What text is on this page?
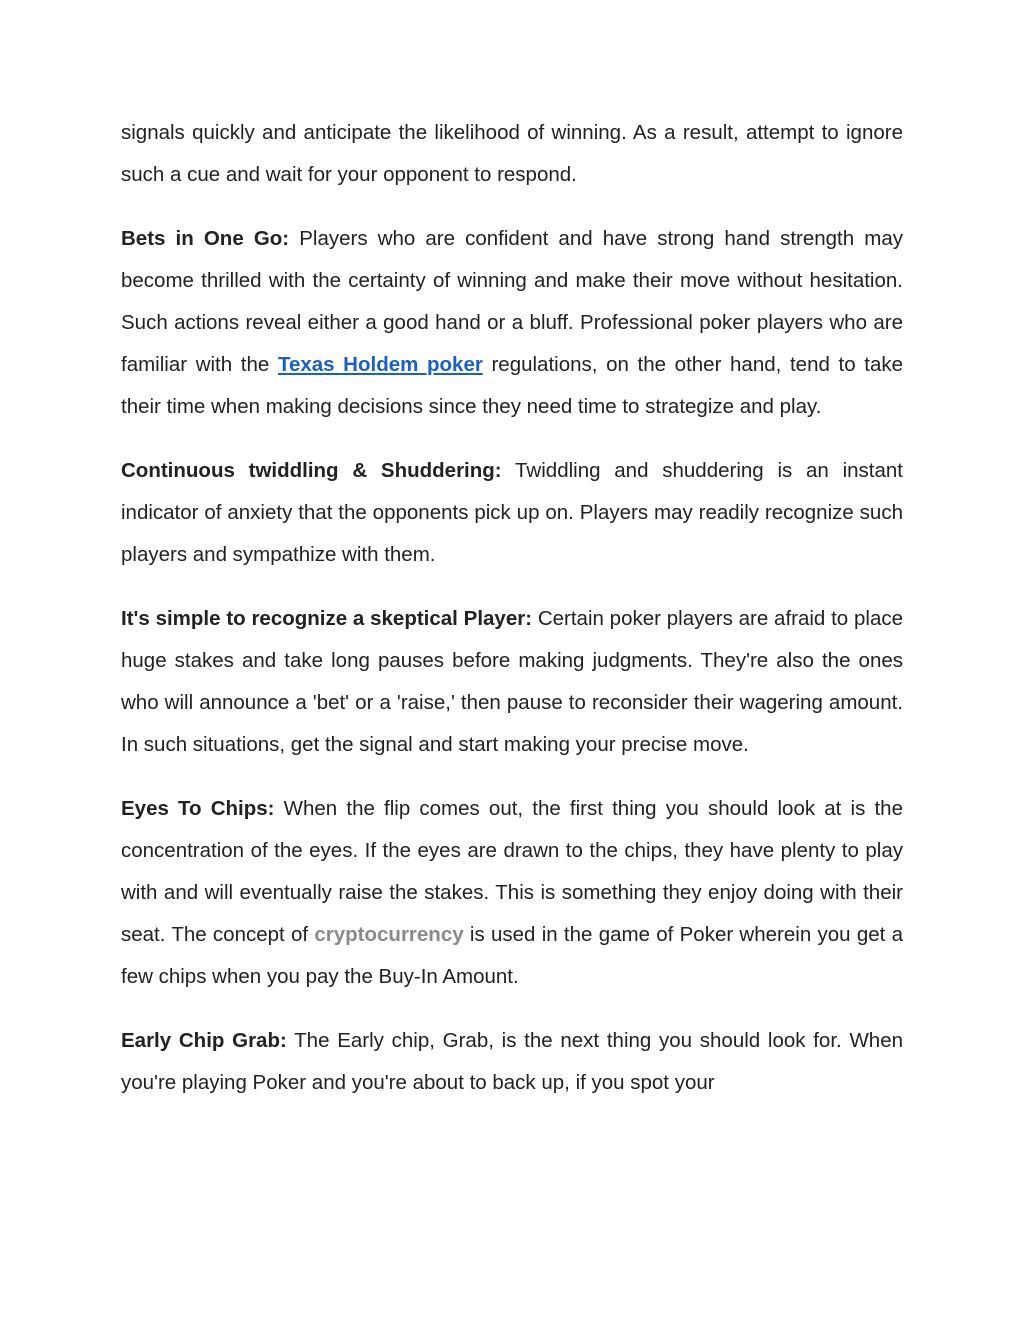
signals quickly and anticipate the likelihood of winning. As a result, attempt to ignore such a cue and wait for your opponent to respond.

Bets in One Go: Players who are confident and have strong hand strength may become thrilled with the certainty of winning and make their move without hesitation. Such actions reveal either a good hand or a bluff. Professional poker players who are familiar with the Texas Holdem poker regulations, on the other hand, tend to take their time when making decisions since they need time to strategize and play.

Continuous twiddling & Shuddering: Twiddling and shuddering is an instant indicator of anxiety that the opponents pick up on. Players may readily recognize such players and sympathize with them.

It's simple to recognize a skeptical Player: Certain poker players are afraid to place huge stakes and take long pauses before making judgments. They're also the ones who will announce a 'bet' or a 'raise,' then pause to reconsider their wagering amount. In such situations, get the signal and start making your precise move.

Eyes To Chips: When the flip comes out, the first thing you should look at is the concentration of the eyes. If the eyes are drawn to the chips, they have plenty to play with and will eventually raise the stakes. This is something they enjoy doing with their seat. The concept of cryptocurrency is used in the game of Poker wherein you get a few chips when you pay the Buy-In Amount.

Early Chip Grab: The Early chip, Grab, is the next thing you should look for. When you're playing Poker and you're about to back up, if you spot your
